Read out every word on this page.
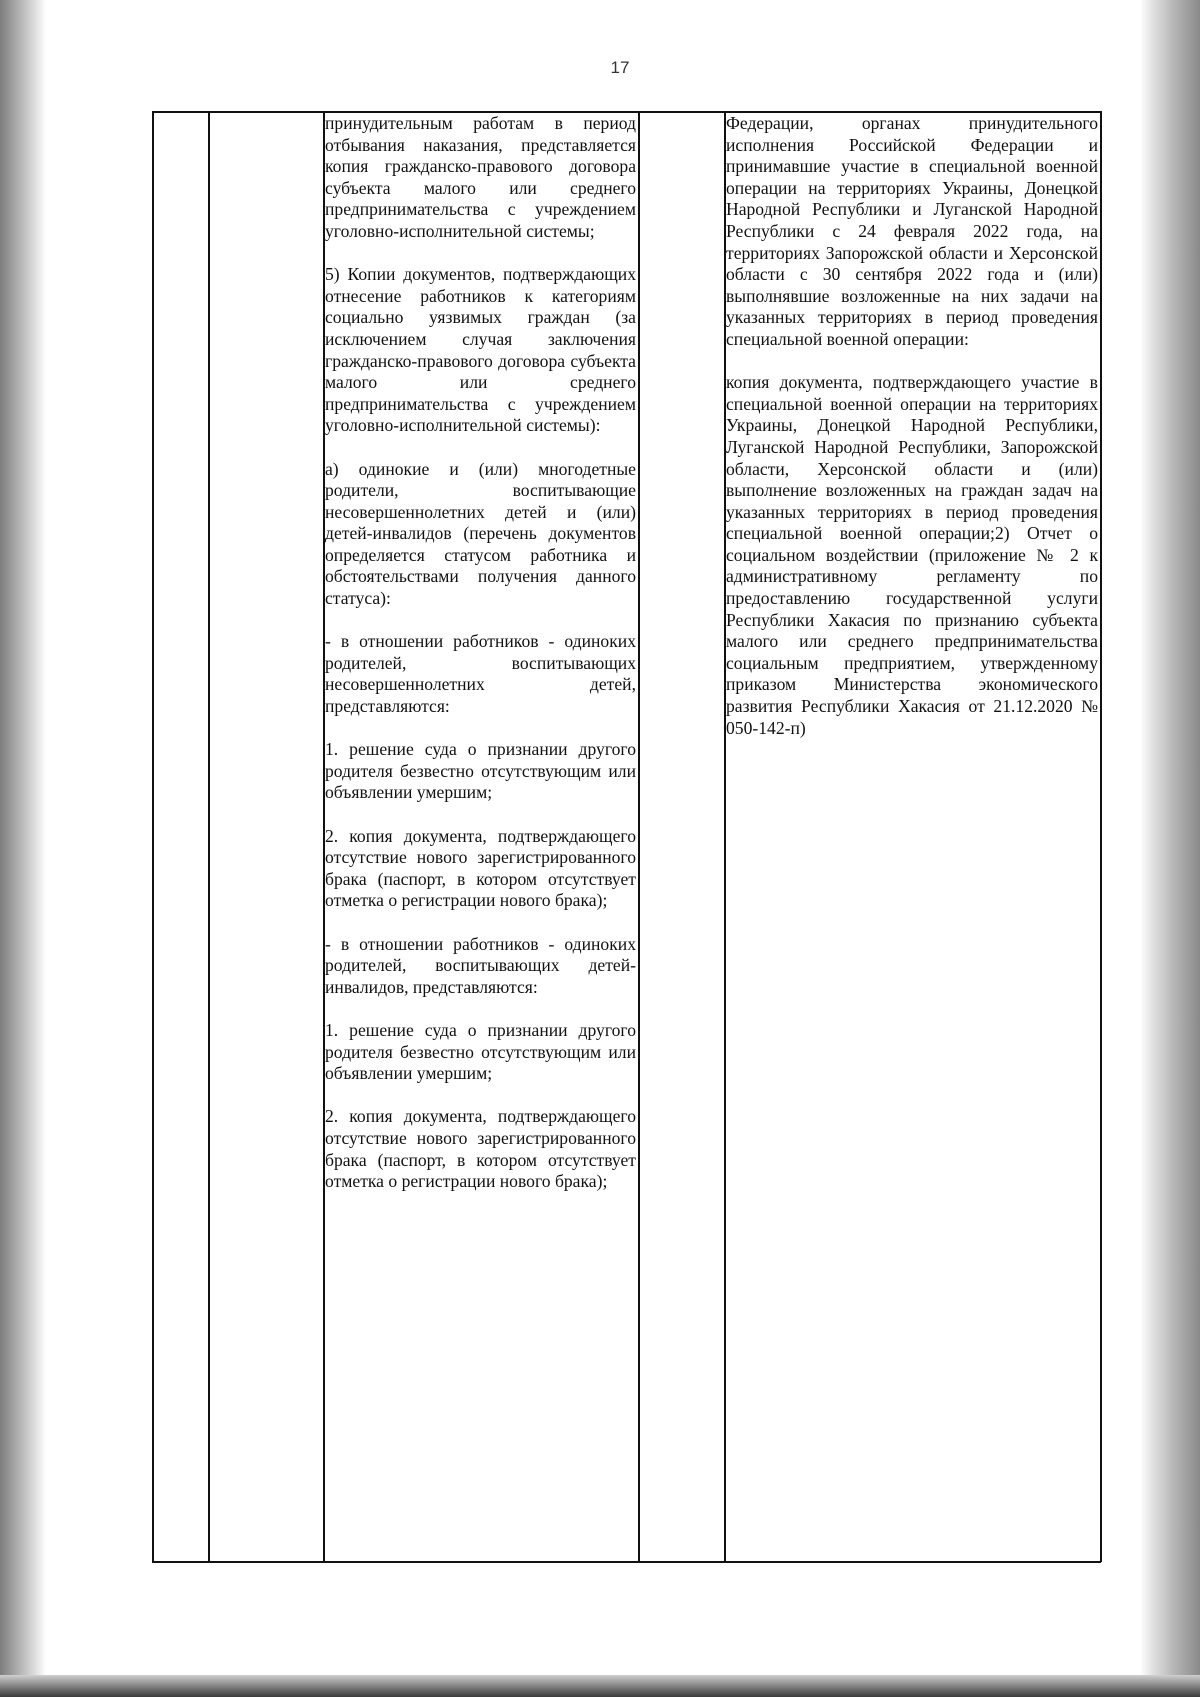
17

принудительным работам в период отбывания наказания, представляется копия гражданско-правового договора субъекта малого или среднего предпринимательства с учреждением уголовно-исполнительной системы;

5) Копии документов, подтверждающих отнесение работников к категориям социально уязвимых граждан (за исключением случая заключения гражданско-правового договора субъекта малого или среднего предпринимательства с учреждением уголовно-исполнительной системы):

а) одинокие и (или) многодетные родители, воспитывающие несовершеннолетних детей и (или) детей-инвалидов (перечень документов определяется статусом работника и обстоятельствами получения данного статуса):

- в отношении работников - одиноких родителей, воспитывающих несовершеннолетних детей, представляются:

1. решение суда о признании другого родителя безвестно отсутствующим или объявлении умершим;

2. копия документа, подтверждающего отсутствие нового зарегистрированного брака (паспорт, в котором отсутствует отметка о регистрации нового брака);

- в отношении работников - одиноких родителей, воспитывающих детей-инвалидов, представляются:

1. решение суда о признании другого родителя безвестно отсутствующим или объявлении умершим;

2. копия документа, подтверждающего отсутствие нового зарегистрированного брака (паспорт, в котором отсутствует отметка о регистрации нового брака);

Федерации, органах принудительного исполнения Российской Федерации и принимавшие участие в специальной военной операции на территориях Украины, Донецкой Народной Республики и Луганской Народной Республики с 24 февраля 2022 года, на территориях Запорожской области и Херсонской области с 30 сентября 2022 года и (или) выполнявшие возложенные на них задачи на указанных территориях в период проведения специальной военной операции:

копия документа, подтверждающего участие в специальной военной операции на территориях Украины, Донецкой Народной Республики, Луганской Народной Республики, Запорожской области, Херсонской области и (или) выполнение возложенных на граждан задач на указанных территориях в период проведения специальной военной операции;2) Отчет о социальном воздействии (приложение № 2 к административному регламенту по предоставлению государственной услуги Республики Хакасия по признанию субъекта малого или среднего предпринимательства социальным предприятием, утвержденному приказом Министерства экономического развития Республики Хакасия от 21.12.2020 № 050-142-п)
